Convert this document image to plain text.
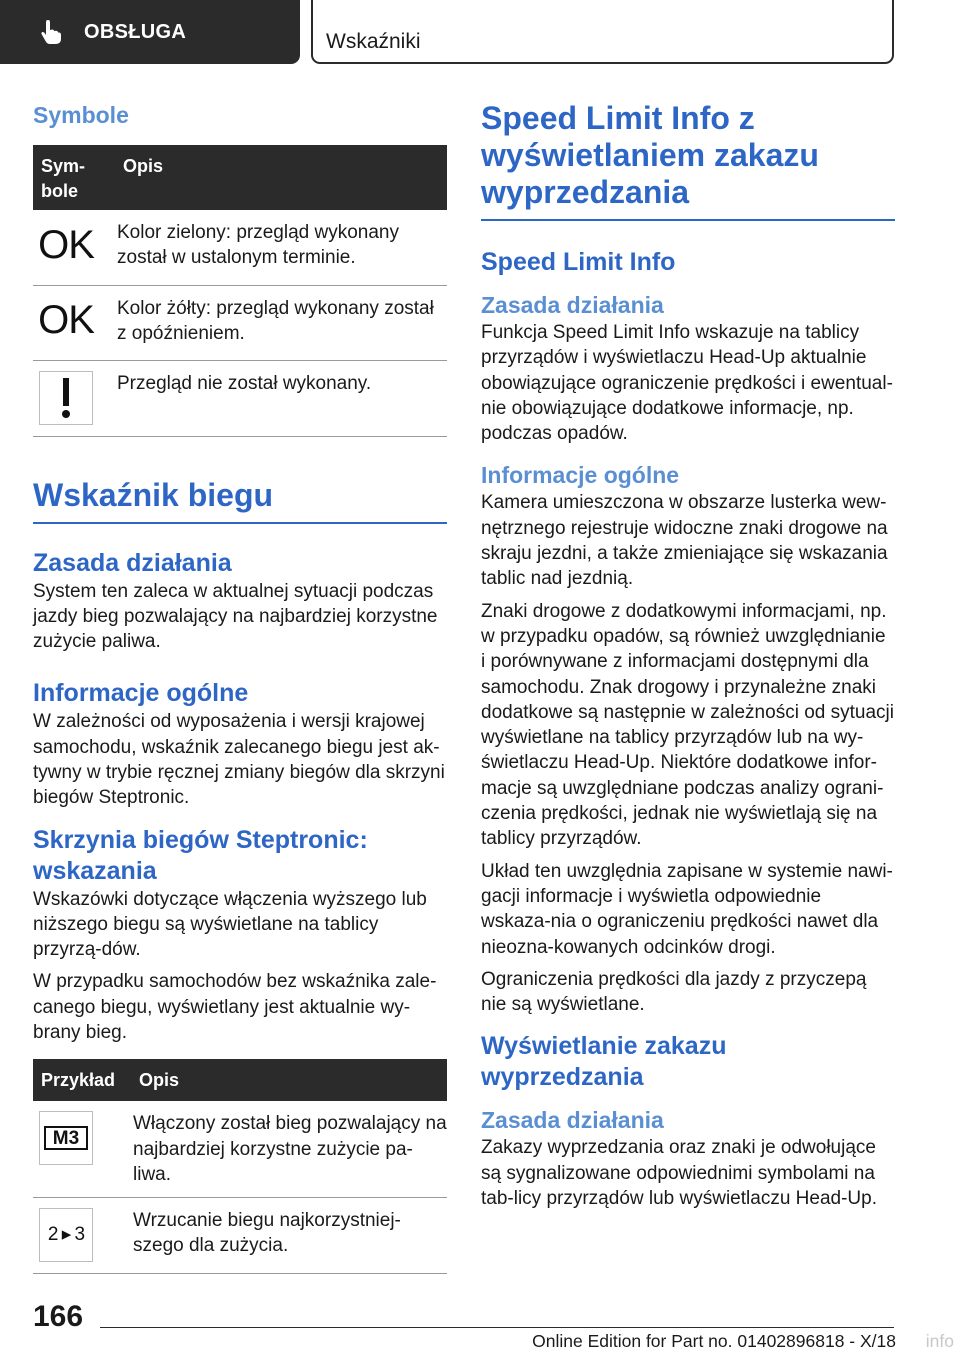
OBSŁUGA	Wskaźniki
Symbole
Sym-
bole	Opis

OK	Kolor zielony: przegląd wykonany został w ustalonym terminie.

OK	Kolor żółty: przegląd wykonany został z opóźnieniem.

	Przegląd nie został wykonany.
Wskaźnik biegu
Zasada działania

System ten zaleca w aktualnej sytuacji podczas jazdy bieg pozwalający na najbardziej korzystne zużycie paliwa.

Informacje ogólne

W zależności od wyposażenia i wersji krajowej samochodu, wskaźnik zalecanego biegu jest ak-tywny w trybie ręcznej zmiany biegów dla skrzyni biegów Steptronic.

Skrzynia biegów Steptronic: wskazania

Wskazówki dotyczące włączenia wyższego lub niższego biegu są wyświetlane na tablicy przyrzą-dów.

W przypadku samochodów bez wskaźnika zale-canego biegu, wyświetlany jest aktualnie wy-brany bieg.

Przykład	Opis

M3	Włączony został bieg pozwalający na najbardziej korzystne zużycie pa-liwa.

2 ▸ 3	Wrzucanie biegu najkorzystniej-szego dla zużycia.
Speed Limit Info z wyświetlaniem zakazu wyprzedzania
Speed Limit Info
Zasada działania

Funkcja Speed Limit Info wskazuje na tablicy przyrządów i wyświetlaczu Head-Up aktualnie obowiązujące ograniczenie prędkości i ewentual-nie obowiązujące dodatkowe informacje, np. podczas opadów.

Informacje ogólne

Kamera umieszczona w obszarze lusterka wew-nętrznego rejestruje widoczne znaki drogowe na skraju jezdni, a także zmieniające się wskazania tablic nad jezdnią.

Znaki drogowe z dodatkowymi informacjami, np. w przypadku opadów, są również uwzględnianie i porównywane z informacjami dostępnymi dla samochodu. Znak drogowy i przynależne znaki dodatkowe są następnie w zależności od sytuacji wyświetlane na tablicy przyrządów lub na wy-świetlaczu Head-Up. Niektóre dodatkowe infor-macje są uwzględniane podczas analizy ograni-czenia prędkości, jednak nie wyświetlają się na tablicy przyrządów.

Układ ten uwzględnia zapisane w systemie nawi-gacji informacje i wyświetla odpowiednie wskaza-nia o ograniczeniu prędkości nawet dla nieozna-kowanych odcinków drogi.

Ograniczenia prędkości dla jazdy z przyczepą nie są wyświetlane.

Wyświetlanie zakazu wyprzedzania
Zasada działania

Zakazy wyprzedzania oraz znaki je odwołujące są sygnalizowane odpowiednimi symbolami na tab-licy przyrządów lub wyświetlaczu Head-Up.

166
Online Edition for Part no. 01402896818 - X/18 info
